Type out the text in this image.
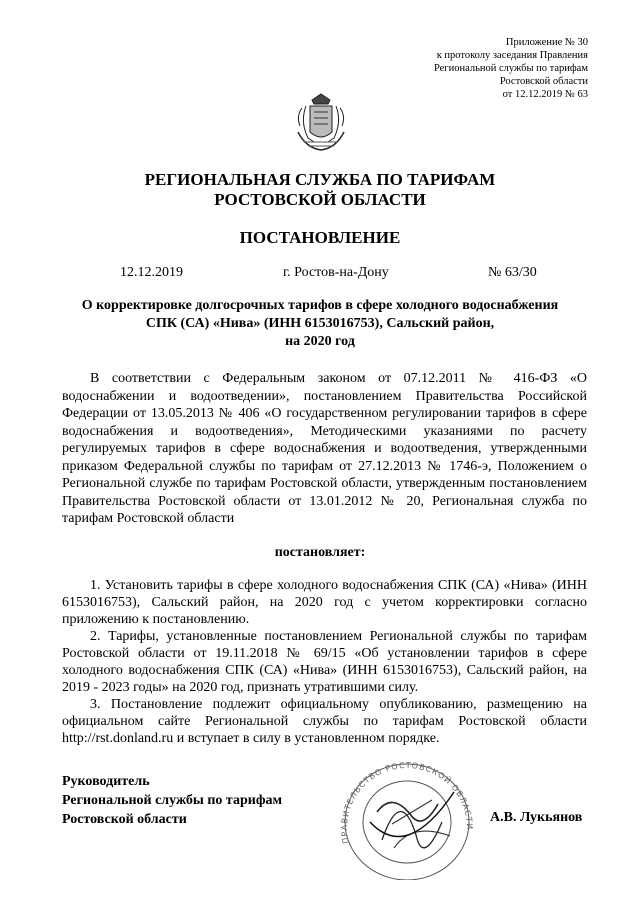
Приложение № 30
к протоколу заседания Правления
Региональной службы по тарифам
Ростовской области
от 12.12.2019 № 63
РЕГИОНАЛЬНАЯ СЛУЖБА ПО ТАРИФАМ
РОСТОВСКОЙ ОБЛАСТИ
ПОСТАНОВЛЕНИЕ
12.12.2019	г. Ростов-на-Дону	№ 63/30
О корректировке долгосрочных тарифов в сфере холодного водоснабжения
СПК (СА) «Нива» (ИНН 6153016753), Сальский район,
на 2020 год

В соответствии с Федеральным законом от 07.12.2011 № 416-ФЗ «О водоснабжении и водоотведении», постановлением Правительства Российской Федерации от 13.05.2013 № 406 «О государственном регулировании тарифов в сфере водоснабжения и водоотведения», Методическими указаниями по расчету регулируемых тарифов в сфере водоснабжения и водоотведения, утвержденными приказом Федеральной службы по тарифам от 27.12.2013 № 1746-э, Положением о Региональной службе по тарифам Ростовской области, утвержденным постановлением Правительства Ростовской области от 13.01.2012 № 20, Региональная служба по тарифам Ростовской области

постановляет:

1. Установить тарифы в сфере холодного водоснабжения СПК (СА) «Нива» (ИНН 6153016753), Сальский район, на 2020 год с учетом корректировки согласно приложению к постановлению.

2. Тарифы, установленные постановлением Региональной службы по тарифам Ростовской области от 19.11.2018 № 69/15 «Об установлении тарифов в сфере холодного водоснабжения СПК (СА) «Нива» (ИНН 6153016753), Сальский район, на 2019 - 2023 годы» на 2020 год, признать утратившими силу.

3. Постановление подлежит официальному опубликованию, размещению на официальном сайте Региональной службы по тарифам Ростовской области http://rst.donland.ru и вступает в силу в установленном порядке.

Руководитель
Региональной службы по тарифам
Ростовской области
ПРАВИТЕЛЬСТВО РОСТОВСКОЙ ОБЛАСТИ
А.В. Лукьянов
